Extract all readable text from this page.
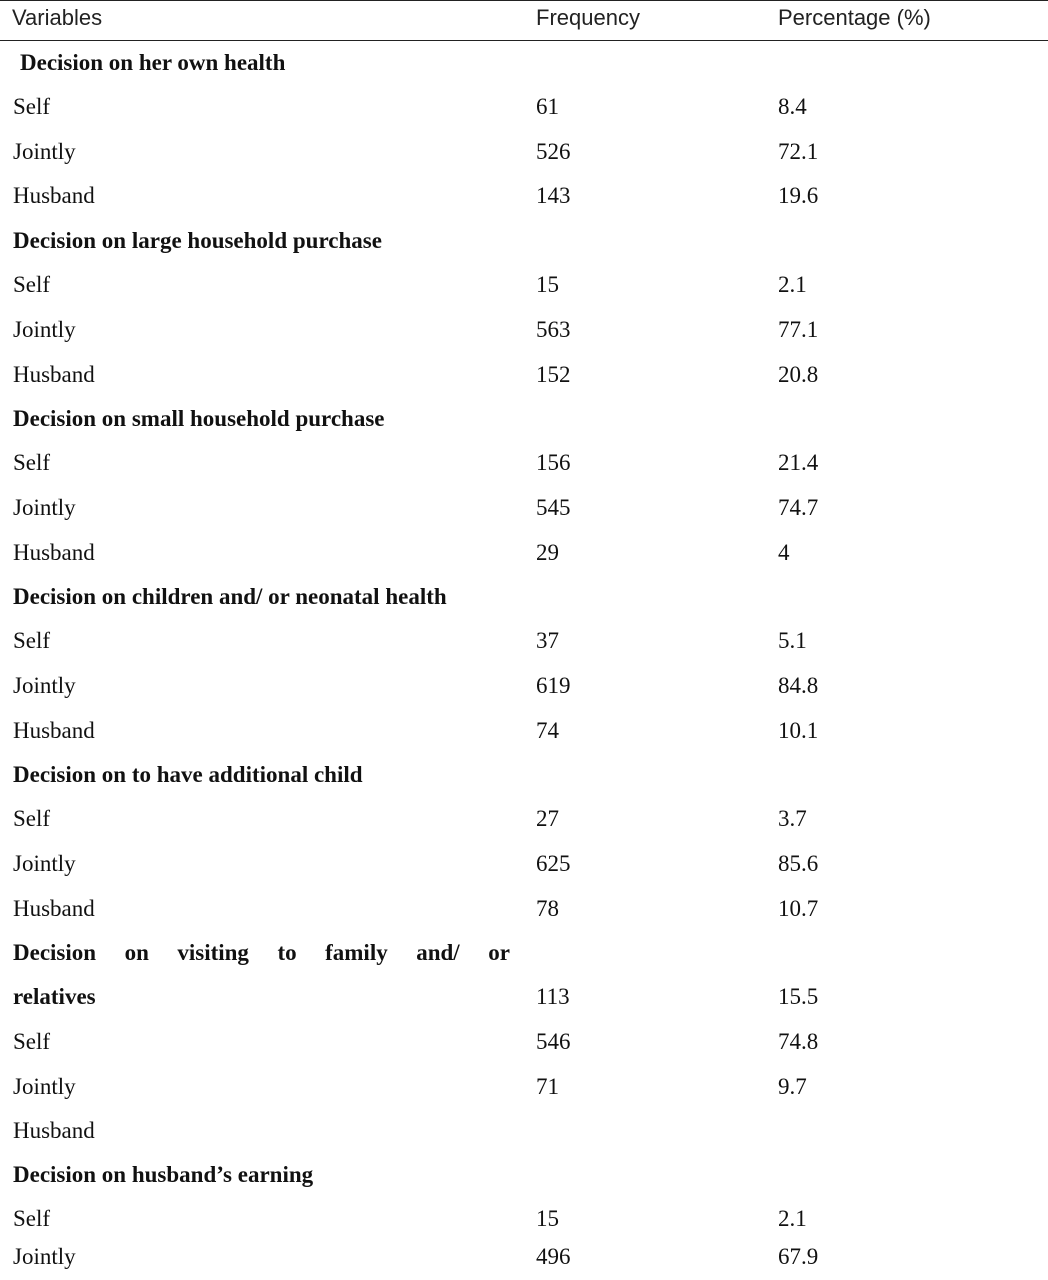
Variables	Frequency	Percentage (%)
Decision on her own health
Self	61	8.4
Jointly	526	72.1
Husband	143	19.6
Decision on large household purchase
Self	15	2.1
Jointly	563	77.1
Husband	152	20.8
Decision on small household purchase
Self	156	21.4
Jointly	545	74.7
Husband	29	4
Decision on children and/ or neonatal health
Self	37	5.1
Jointly	619	84.8
Husband	74	10.1
Decision on to have additional child
Self	27	3.7
Jointly	625	85.6
Husband	78	10.7
Decision on visiting to family and/ or
relatives	113	15.5
Self	546	74.8
Jointly	71	9.7
Husband
Decision on husband’s earning
Self	15	2.1
Jointly	496	67.9
